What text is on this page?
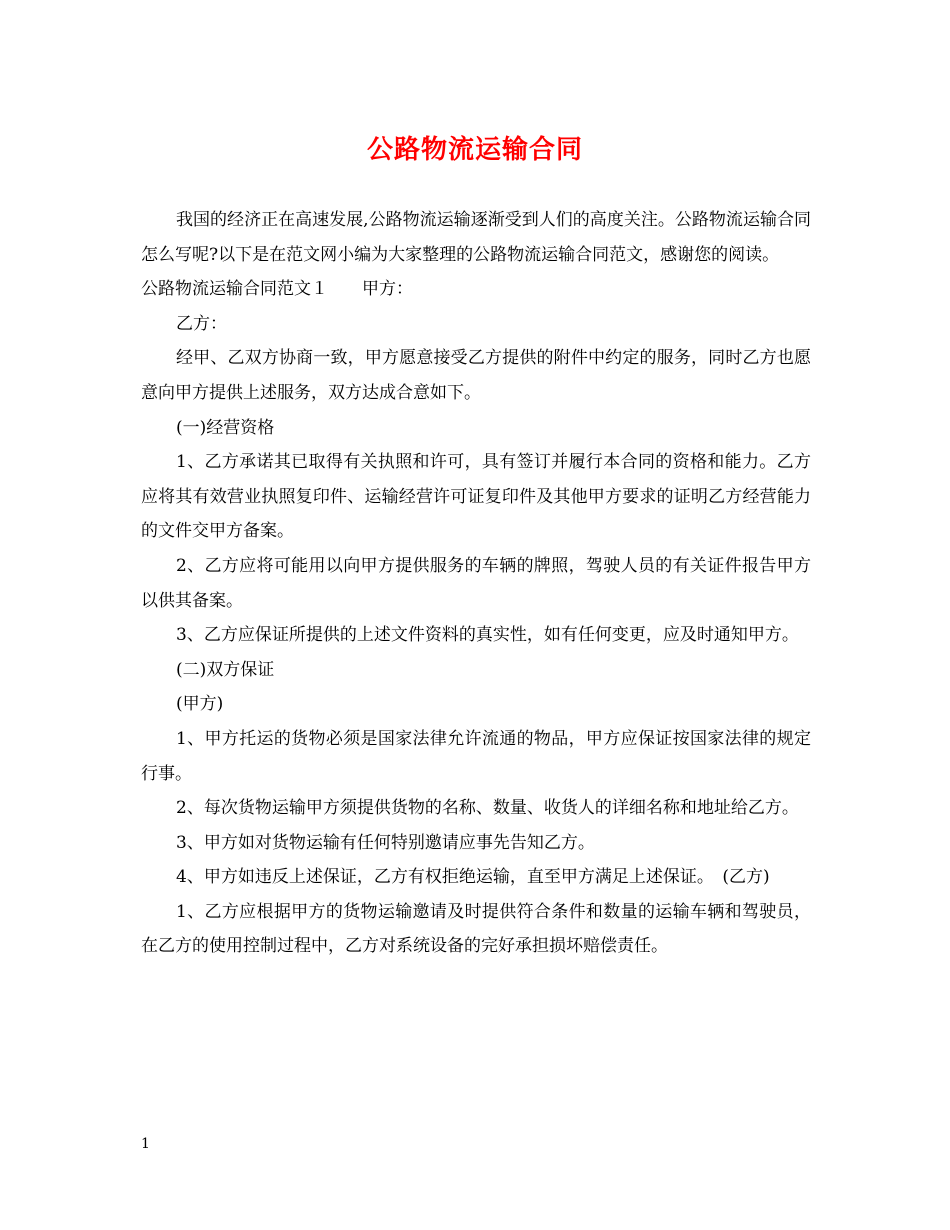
公路物流运输合同

我国的经济正在高速发展,公路物流运输逐渐受到人们的高度关注。公路物流运输合同怎么写呢?以下是在范文网小编为大家整理的公路物流运输合同范文，感谢您的阅读。

公路物流运输合同范文１　　甲方：

乙方：

经甲、乙双方协商一致，甲方愿意接受乙方提供的附件中约定的服务，同时乙方也愿意向甲方提供上述服务，双方达成合意如下。

(一)经营资格

1、乙方承诺其已取得有关执照和许可，具有签订并履行本合同的资格和能力。乙方应将其有效营业执照复印件、运输经营许可证复印件及其他甲方要求的证明乙方经营能力的文件交甲方备案。

2、乙方应将可能用以向甲方提供服务的车辆的牌照，驾驶人员的有关证件报告甲方以供其备案。

3、乙方应保证所提供的上述文件资料的真实性，如有任何变更，应及时通知甲方。

(二)双方保证

(甲方)

1、甲方托运的货物必须是国家法律允许流通的物品，甲方应保证按国家法律的规定行事。

2、每次货物运输甲方须提供货物的名称、数量、收货人的详细名称和地址给乙方。

3、甲方如对货物运输有任何特别邀请应事先告知乙方。

4、甲方如违反上述保证，乙方有权拒绝运输，直至甲方满足上述保证。　(乙方)

1、乙方应根据甲方的货物运输邀请及时提供符合条件和数量的运输车辆和驾驶员，在乙方的使用控制过程中，乙方对系统设备的完好承担损坏赔偿责任。

1
